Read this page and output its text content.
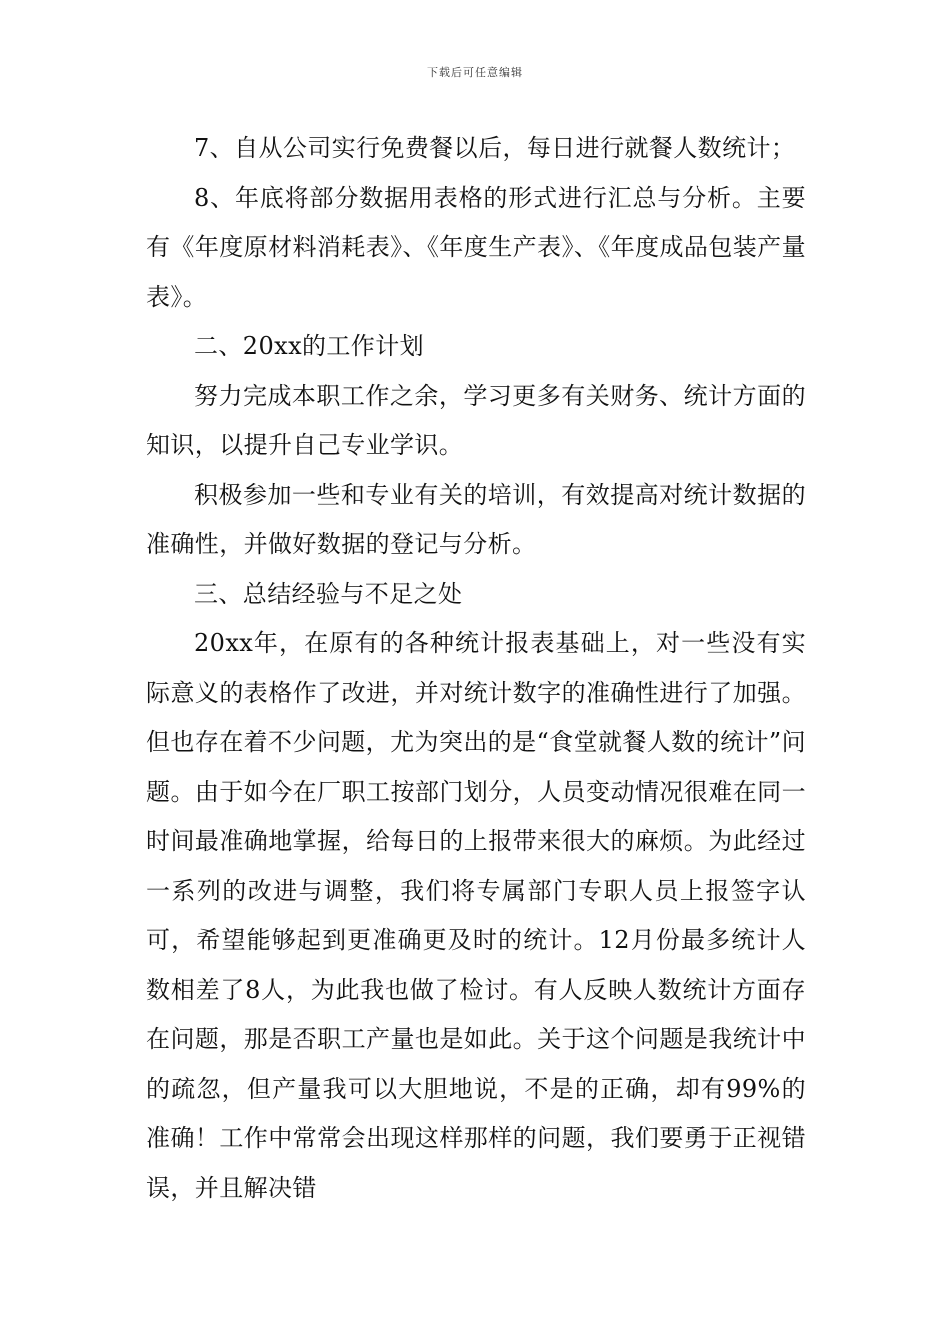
下载后可任意编辑

7、自从公司实行免费餐以后，每日进行就餐人数统计；

8、年底将部分数据用表格的形式进行汇总与分析。主要有《年度原材料消耗表》、《年度生产表》、《年度成品包装产量表》。

二、20xx的工作计划

努力完成本职工作之余，学习更多有关财务、统计方面的知识，以提升自己专业学识。

积极参加一些和专业有关的培训，有效提高对统计数据的准确性，并做好数据的登记与分析。

三、总结经验与不足之处

20xx年，在原有的各种统计报表基础上，对一些没有实际意义的表格作了改进，并对统计数字的准确性进行了加强。但也存在着不少问题，尤为突出的是“食堂就餐人数的统计”问题。由于如今在厂职工按部门划分，人员变动情况很难在同一时间最准确地掌握，给每日的上报带来很大的麻烦。为此经过一系列的改进与调整，我们将专属部门专职人员上报签字认可，希望能够起到更准确更及时的统计。12月份最多统计人数相差了8人，为此我也做了检讨。有人反映人数统计方面存在问题，那是否职工产量也是如此。关于这个问题是我统计中的疏忽，但产量我可以大胆地说，不是的正确，却有99%的准确！工作中常常会出现这样那样的问题，我们要勇于正视错误，并且解决错
